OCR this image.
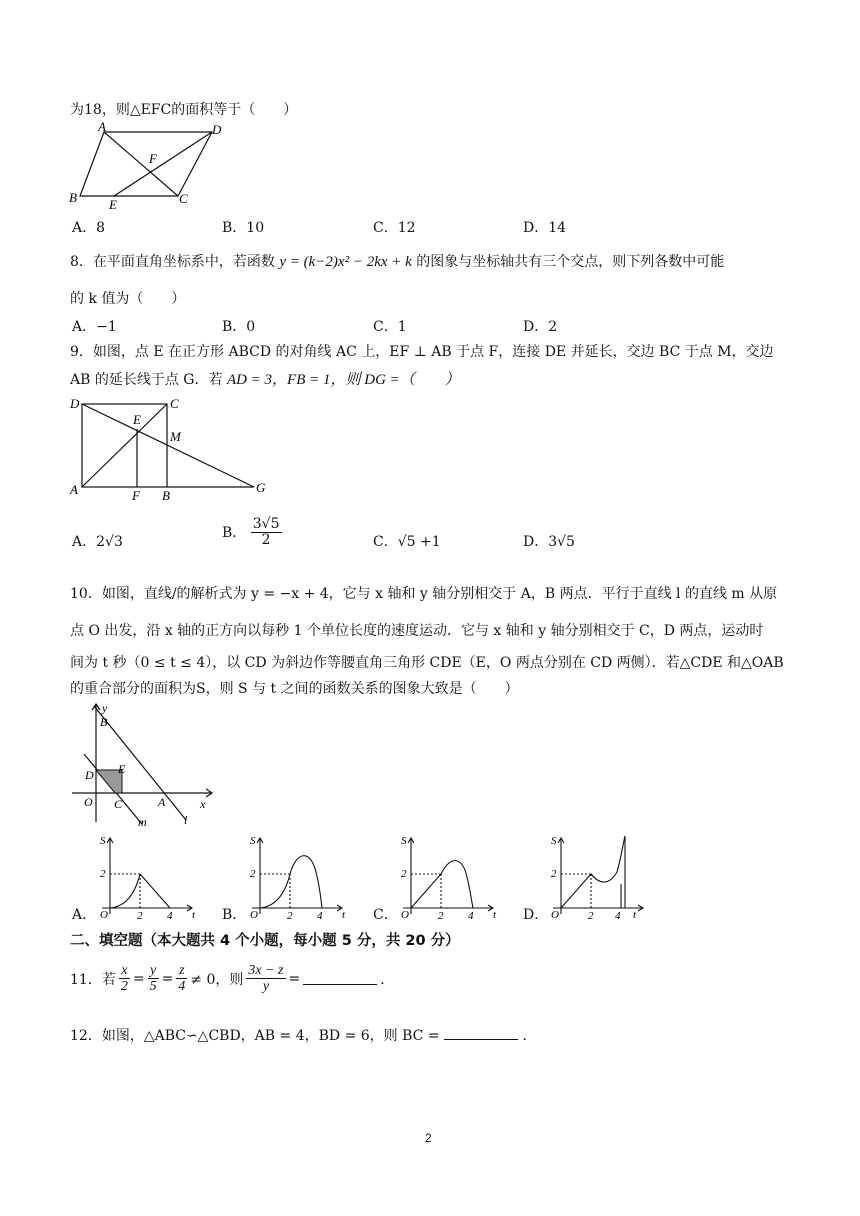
为18，则△EFC的面积等于（　　）
A	D
F
B E	C
A．8	B．10	C．12	D．14
8．在平面直角坐标系中，若函数 y = (k−2)x² − 2kx + k 的图象与坐标轴共有三个交点，则下列各数中可能
的 k 值为（　　）
A．−1	B．0	C．1	D．2
9．如图，点 E 在正方形 ABCD 的对角线 AC 上，EF ⊥ AB 于点 F，连接 DE 并延长，交边 BC 于点 M，交边
AB 的延长线于点 G．若 AD = 3，FB = 1，则 DG =（　　）
D	C
E
M
A	F B
G
A．2√3
B． $\frac{3√5}{2}$	C．√5 +1	D．3√5
10．如图，直线/的解析式为 y = −x + 4，它与 x 轴和 y 轴分别相交于 A，B 两点．平行于直线 l 的直线 m 从原
点 O 出发，沿 x 轴的正方向以每秒 1 个单位长度的速度运动．它与 x 轴和 y 轴分别相交于 C，D 两点，运动时
间为 t 秒（0 ≤ t ≤ 4），以 CD 为斜边作等腰直角三角形 CDE（E，O 两点分别在 CD 两侧）．若△CDE 和△OAB
的重合部分的面积为S，则 S 与 t 之间的函数关系的图象大致是（　　）
y
B
E
D
O C	A	x
m	l
A．
S
2
O	2 4 t B．
S
2
O	2 4 t C．
S
2
O	2 4 t D．
S
2
O	2 4 t
二、填空题（本大题共 4 个小题，每小题 5 分，共 20 分）
11．若 $\frac{x}{2} = \frac{y}{5} = \frac{z}{4} \ne 0$，则 $\frac{3x - z}{y}$ =	．
12．如图，△ABC∽△CBD，AB = 4，BD = 6，则 BC =	．
2
